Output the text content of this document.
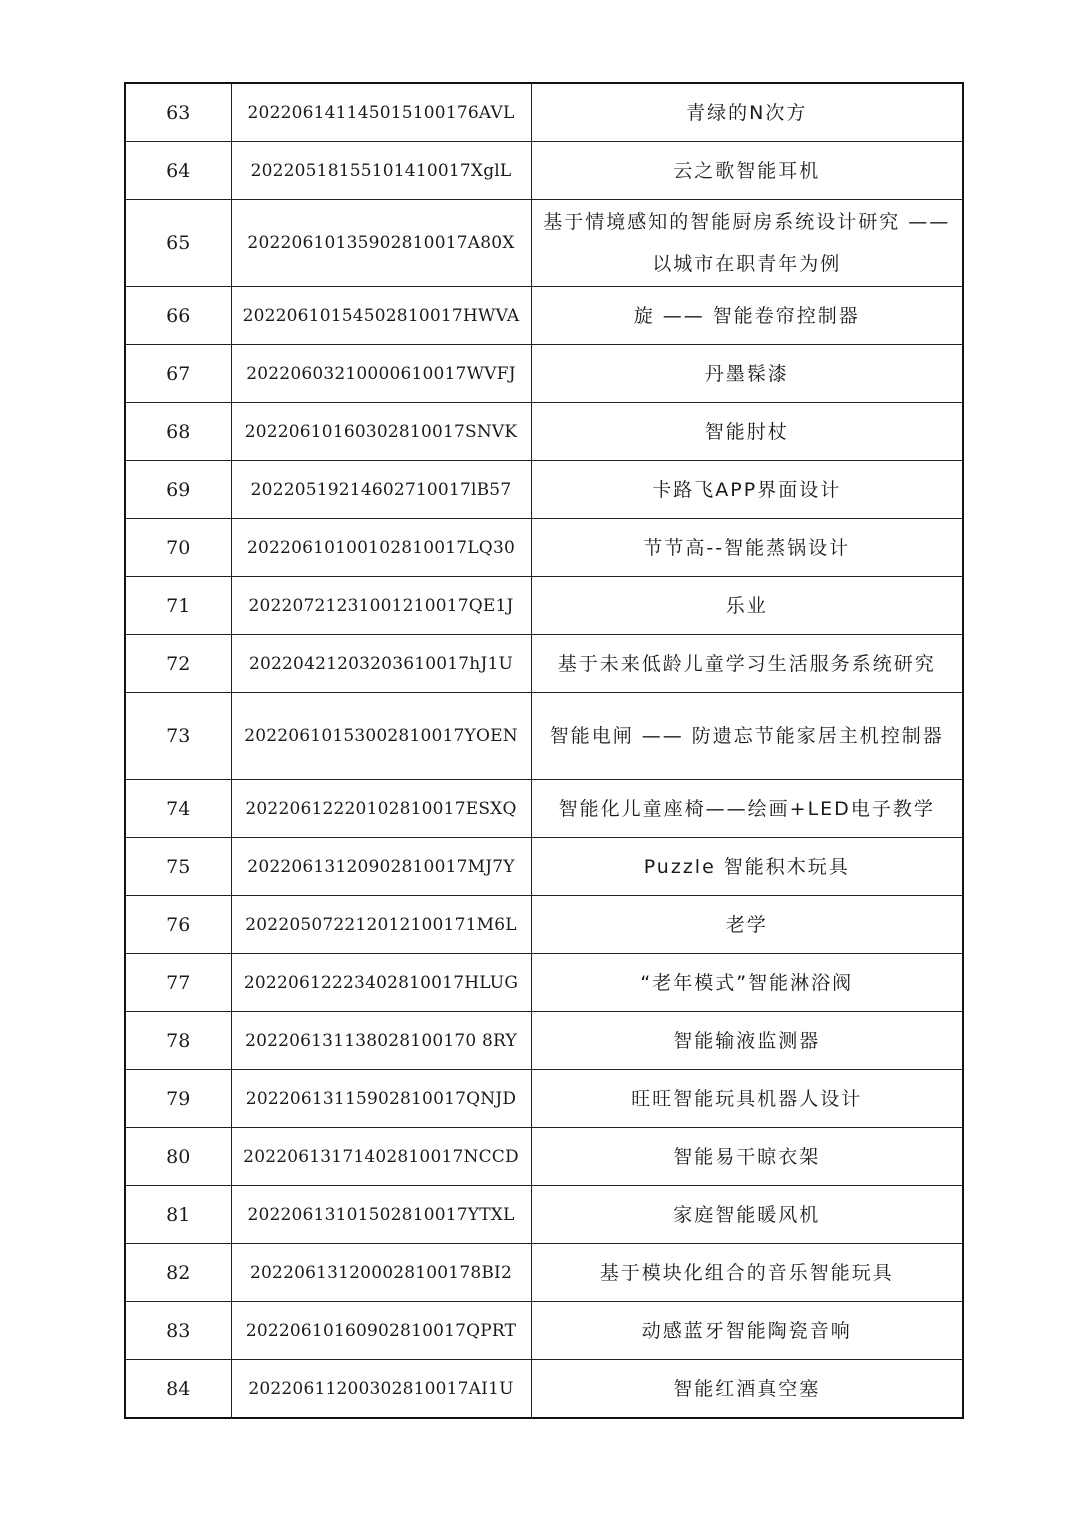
63	202206141145015100176AVL	青绿的N次方
64	20220518155101410017XglL	云之歌智能耳机
65	20220610135902810017A80X	基于情境感知的智能厨房系统设计研究 ——以城市在职青年为例
66	20220610154502810017HWVA	旋 —— 智能卷帘控制器
67	20220603210000610017WVFJ	丹墨髹漆
68	20220610160302810017SNVK	智能肘杖
69	20220519214602710017lB57	卡路飞APP界面设计
70	20220610100102810017LQ30	节节高--智能蒸锅设计
71	20220721231001210017QE1J	乐业
72	20220421203203610017hJ1U	基于未来低龄儿童学习生活服务系统研究
73	20220610153002810017YOEN	智能电闸 —— 防遗忘节能家居主机控制器
74	20220612220102810017ESXQ	智能化儿童座椅——绘画+LED电子教学
75	20220613120902810017MJ7Y	Puzzle 智能积木玩具
76	202205072212012100171M6L	老学
77	20220612223402810017HLUG	“老年模式”智能淋浴阀
78	202206131138028100170 8RY	智能输液监测器
79	20220613115902810017QNJD	旺旺智能玩具机器人设计
80	20220613171402810017NCCD	智能易干晾衣架
81	20220613101502810017YTXL	家庭智能暖风机
82	202206131200028100178BI2	基于模块化组合的音乐智能玩具
83	20220610160902810017QPRT	动感蓝牙智能陶瓷音响
84	20220611200302810017AI1U	智能红酒真空塞
